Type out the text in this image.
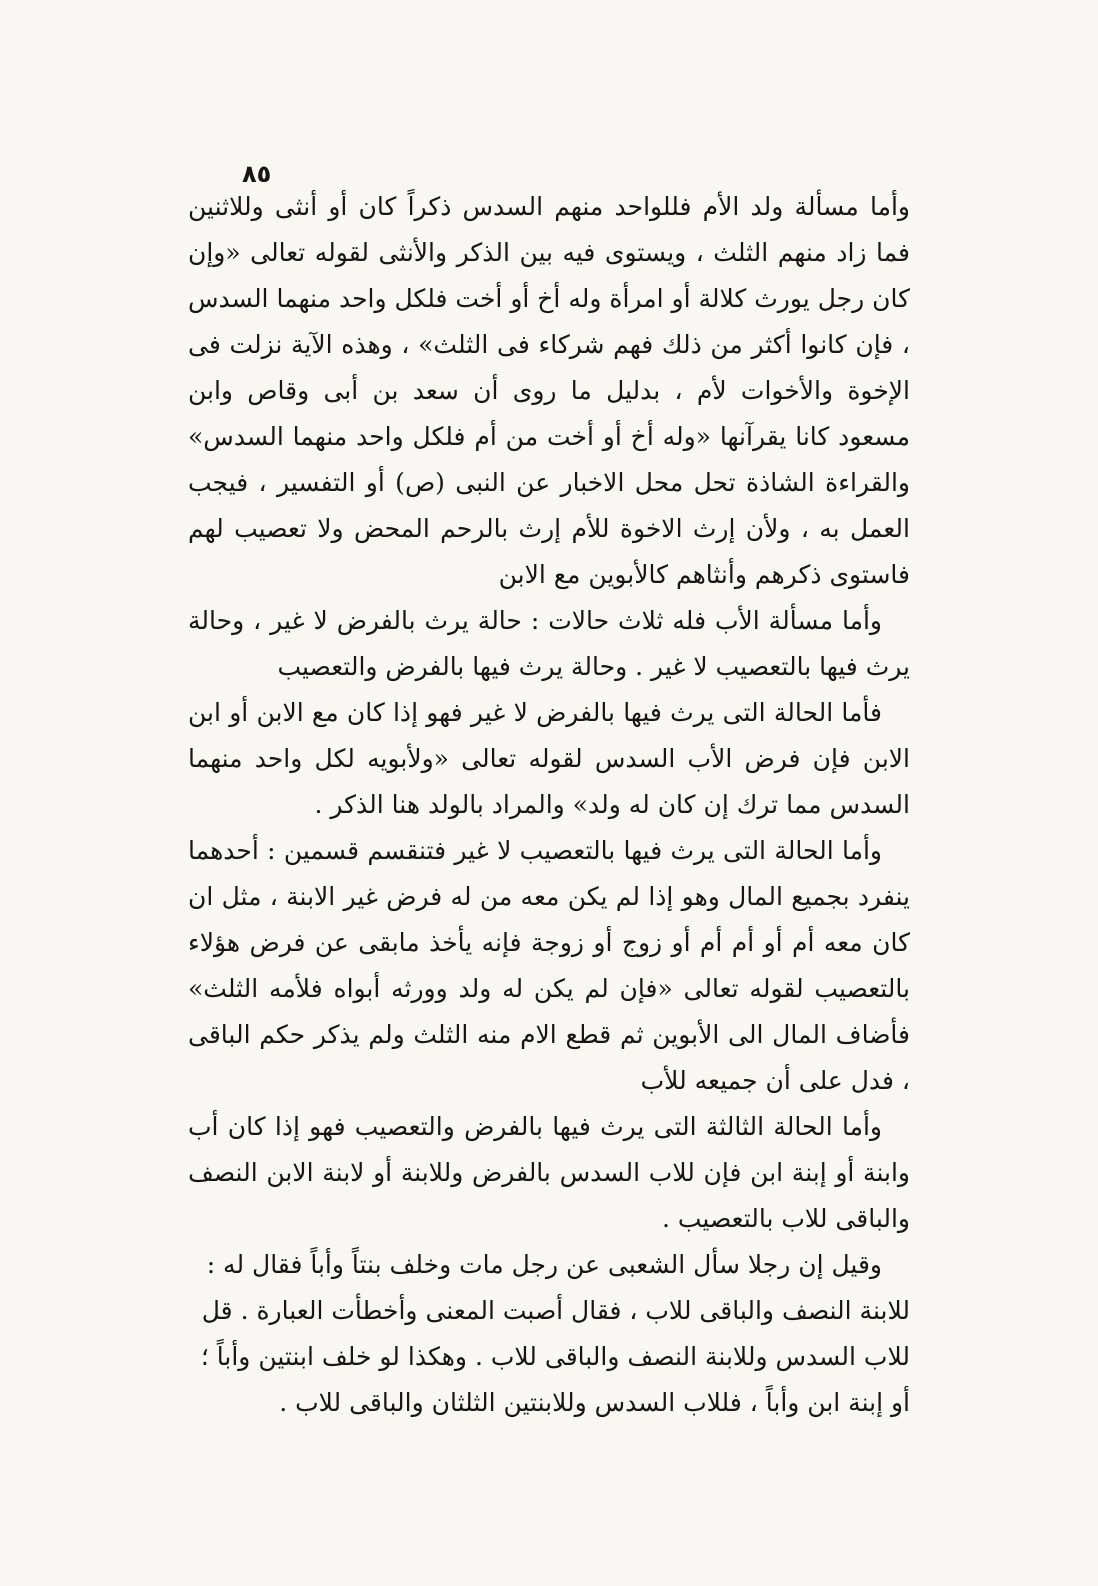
٨٥

وأما مسألة ولد الأم فللواحد منهم السدس ذكراً كان أو أنثى وللاثنين فما زاد منهم الثلث ، ويستوى فيه بين الذكر والأنثى لقوله تعالى «وإن كان رجل يورث كلالة أو امرأة وله أخ أو أخت فلكل واحد منهما السدس ، فإن كانوا أكثر من ذلك فهم شركاء فى الثلث» ، وهذه الآية نزلت فى الإخوة والأخوات لأم ، بدليل ما روى أن سعد بن أبى وقاص وابن مسعود كانا يقرآنها «وله أخ أو أخت من أم فلكل واحد منهما السدس» والقراءة الشاذة تحل محل الاخبار عن النبى (ص) أو التفسير ، فيجب العمل به ، ولأن إرث الاخوة للأم إرث بالرحم المحض ولا تعصيب لهم فاستوى ذكرهم وأنثاهم كالأبوين مع الابن

وأما مسألة الأب فله ثلاث حالات : حالة يرث بالفرض لا غير ، وحالة يرث فيها بالتعصيب لا غير . وحالة يرث فيها بالفرض والتعصيب

فأما الحالة التى يرث فيها بالفرض لا غير فهو إذا كان مع الابن أو ابن الابن فإن فرض الأب السدس لقوله تعالى «ولأبويه لكل واحد منهما السدس مما ترك إن كان له ولد» والمراد بالولد هنا الذكر .

وأما الحالة التى يرث فيها بالتعصيب لا غير فتنقسم قسمين : أحدهما ينفرد بجميع المال وهو إذا لم يكن معه من له فرض غير الابنة ، مثل ان كان معه أم أو أم أم أو زوج أو زوجة فإنه يأخذ مابقى عن فرض هؤلاء بالتعصيب لقوله تعالى «فإن لم يكن له ولد وورثه أبواه فلأمه الثلث» فأضاف المال الى الأبوين ثم قطع الام منه الثلث ولم يذكر حكم الباقى ، فدل على أن جميعه للأب

وأما الحالة الثالثة التى يرث فيها بالفرض والتعصيب فهو إذا كان أب وابنة أو إبنة ابن فإن للاب السدس بالفرض وللابنة أو لابنة الابن النصف والباقى للاب بالتعصيب .

وقيل إن رجلا سأل الشعبى عن رجل مات وخلف بنتاً وأباً فقال له : للابنة النصف والباقى للاب ، فقال أصبت المعنى وأخطأت العبارة . قل للاب السدس وللابنة النصف والباقى للاب . وهكذا لو خلف ابنتين وأباً ؛ أو إبنة ابن وأباً ، فللاب السدس وللابنتين الثلثان والباقى للاب .
